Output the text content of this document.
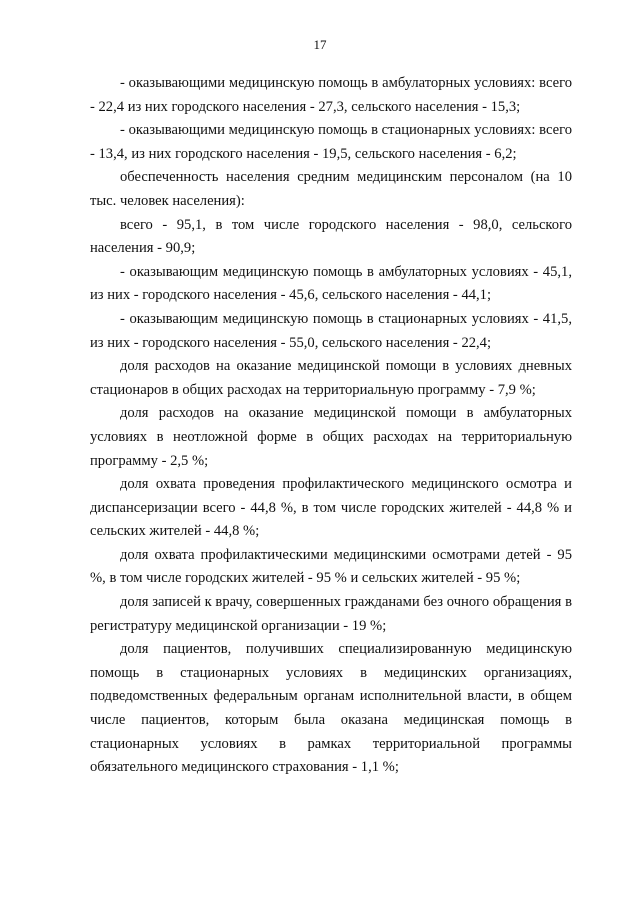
17

- оказывающими медицинскую помощь в амбулаторных условиях: всего - 22,4 из них городского населения - 27,3, сельского населения - 15,3;

- оказывающими медицинскую помощь в стационарных условиях: всего - 13,4, из них городского населения - 19,5, сельского населения - 6,2;

обеспеченность населения средним медицинским персоналом (на 10 тыс. человек населения):

всего - 95,1, в том числе городского населения - 98,0, сельского населения - 90,9;

- оказывающим медицинскую помощь в амбулаторных условиях - 45,1, из них - городского населения - 45,6, сельского населения - 44,1;

- оказывающим медицинскую помощь в стационарных условиях - 41,5, из них - городского населения - 55,0, сельского населения - 22,4;

доля расходов на оказание медицинской помощи в условиях дневных стационаров в общих расходах на территориальную программу - 7,9 %;

доля расходов на оказание медицинской помощи в амбулаторных условиях в неотложной форме в общих расходах на территориальную программу - 2,5 %;

доля охвата проведения профилактического медицинского осмотра и диспансеризации всего - 44,8 %, в том числе городских жителей - 44,8 % и сельских жителей - 44,8 %;

доля охвата профилактическими медицинскими осмотрами детей - 95 %, в том числе городских жителей - 95 % и сельских жителей - 95 %;

доля записей к врачу, совершенных гражданами без очного обращения в регистратуру медицинской организации - 19 %;

доля пациентов, получивших специализированную медицинскую помощь в стационарных условиях в медицинских организациях, подведомственных федеральным органам исполнительной власти, в общем числе пациентов, которым была оказана медицинская помощь в стационарных условиях в рамках территориальной программы обязательного медицинского страхования - 1,1 %;
